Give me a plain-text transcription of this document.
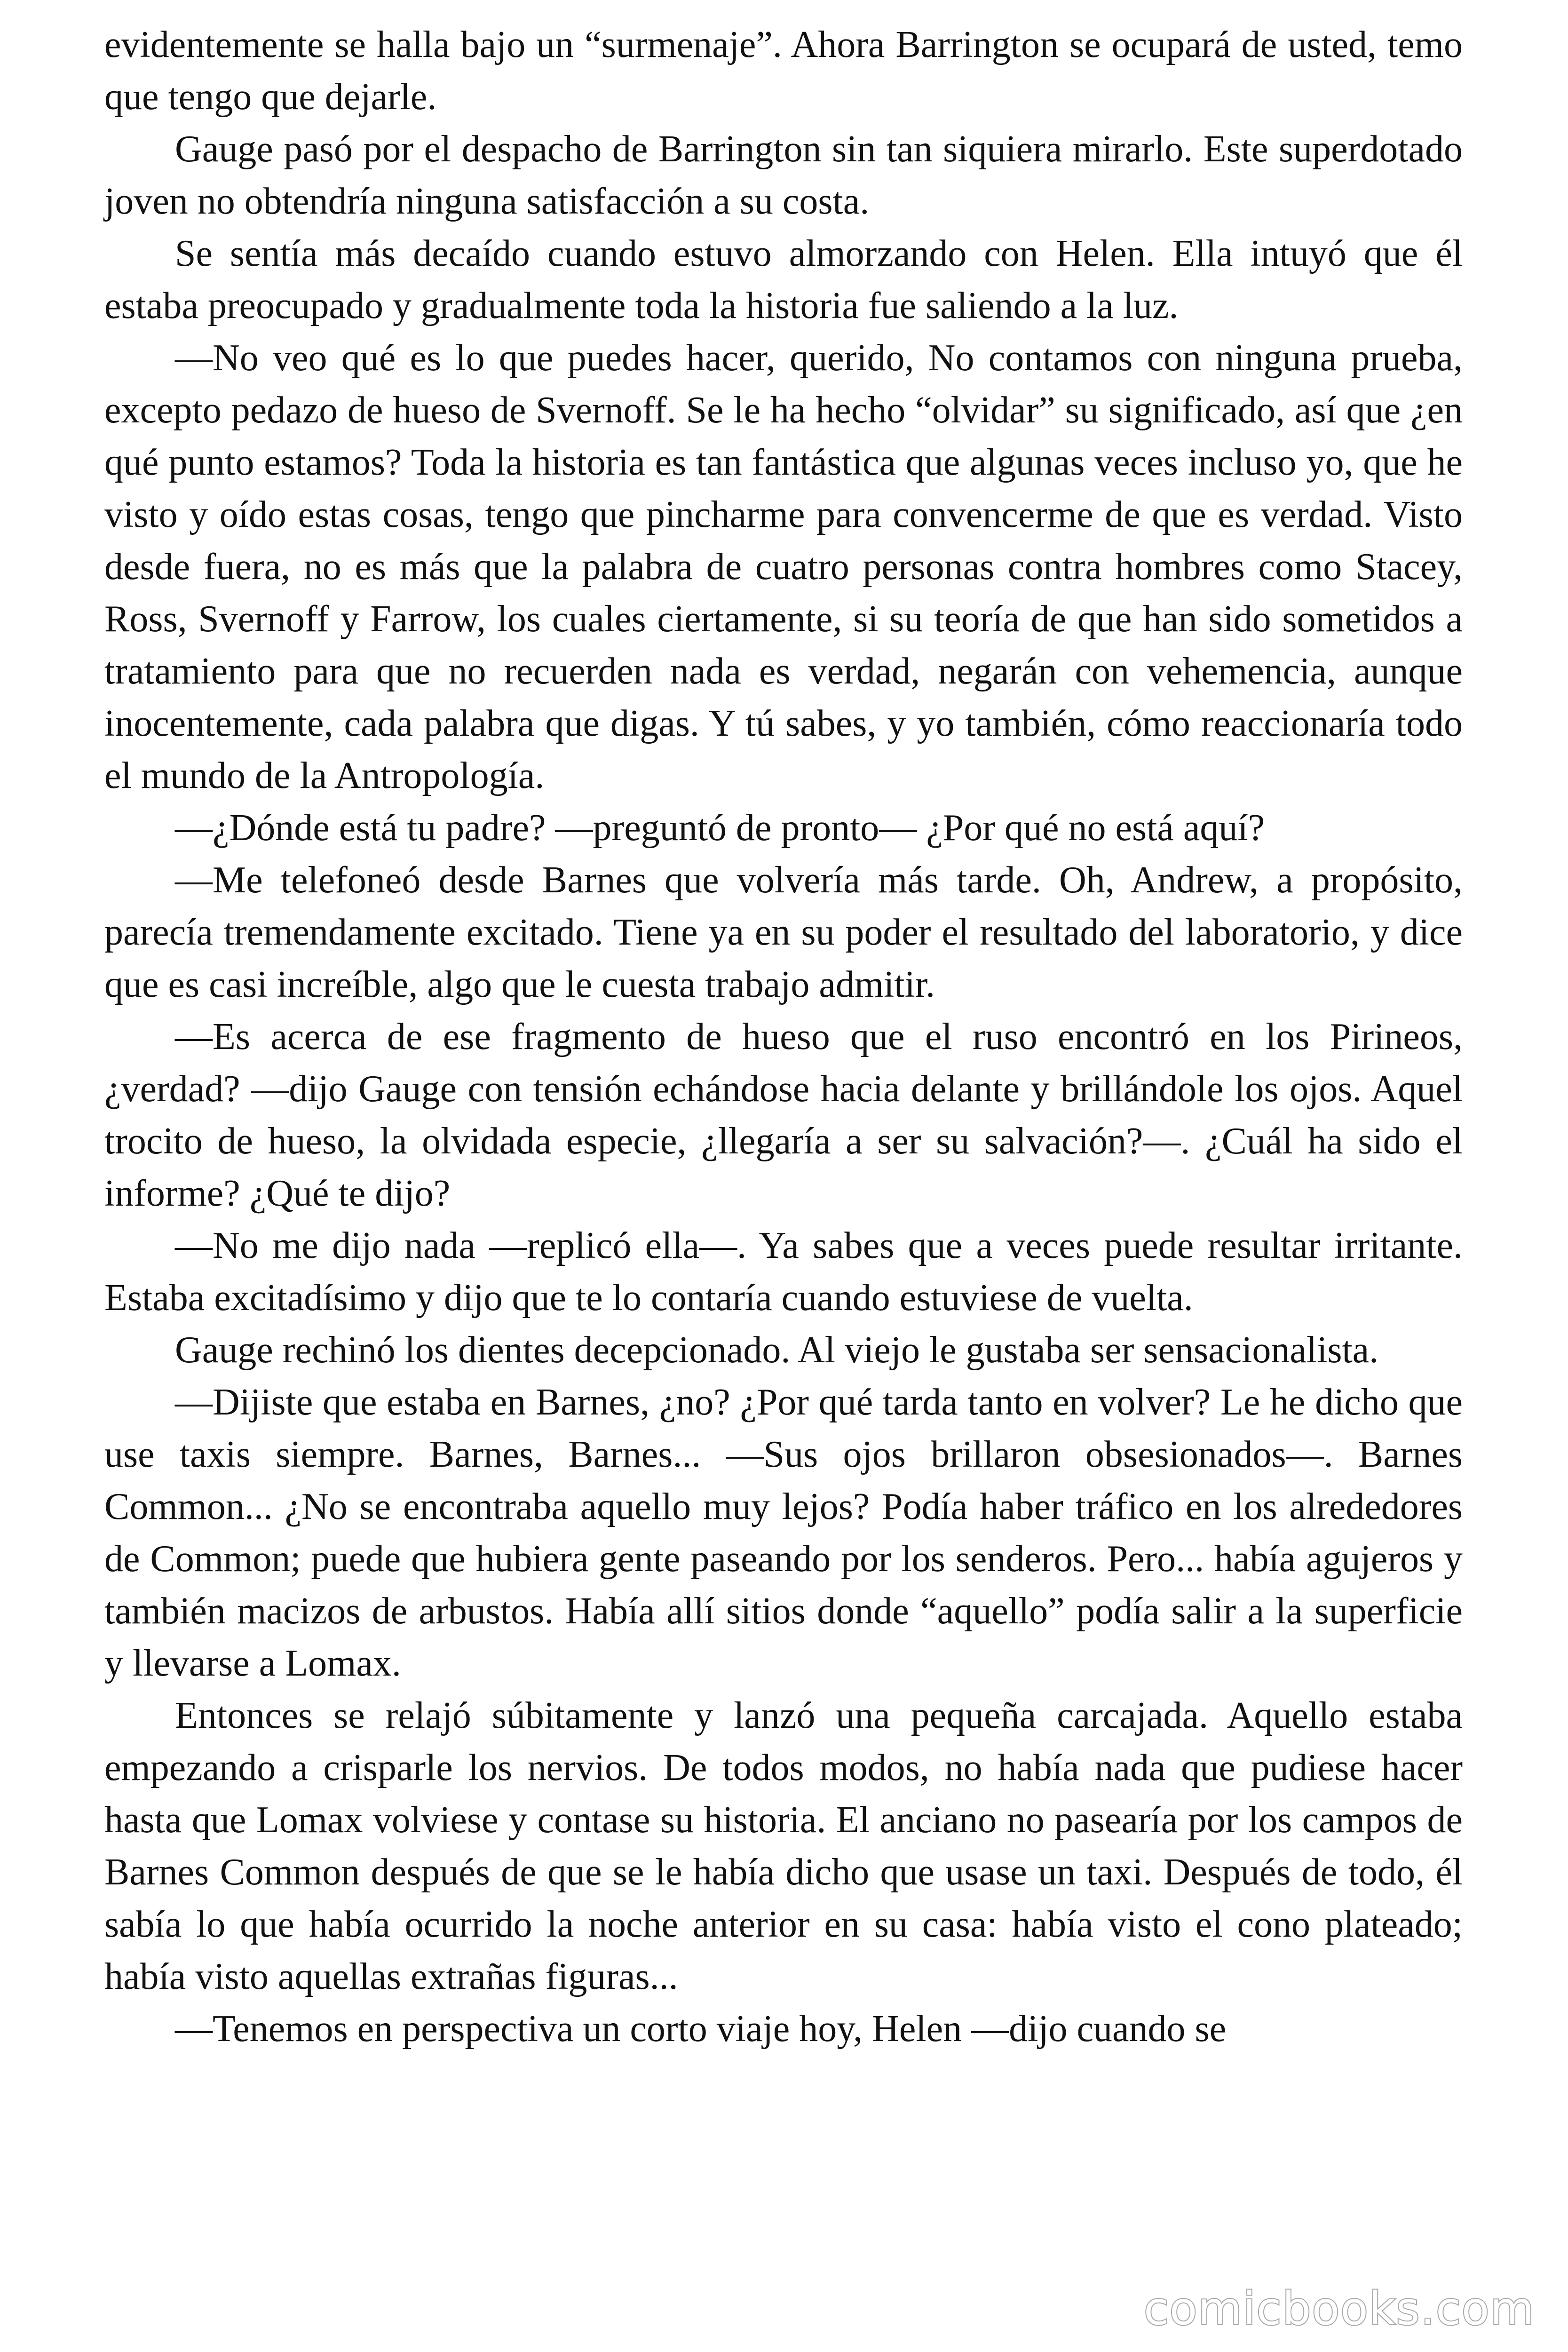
evidentemente se halla bajo un “surmenaje”. Ahora Barrington se ocupará de usted, temo que tengo que dejarle.

Gauge pasó por el despacho de Barrington sin tan siquiera mirarlo. Este superdotado joven no obtendría ninguna satisfacción a su costa.

Se sentía más decaído cuando estuvo almorzando con Helen. Ella intuyó que él estaba preocupado y gradualmente toda la historia fue saliendo a la luz.

—No veo qué es lo que puedes hacer, querido, No contamos con ninguna prueba, excepto pedazo de hueso de Svernoff. Se le ha hecho “olvidar” su significado, así que ¿en qué punto estamos? Toda la historia es tan fantástica que algunas veces incluso yo, que he visto y oído estas cosas, tengo que pincharme para convencerme de que es verdad. Visto desde fuera, no es más que la palabra de cuatro personas contra hombres como Stacey, Ross, Svernoff y Farrow, los cuales ciertamente, si su teoría de que han sido sometidos a tratamiento para que no recuerden nada es verdad, negarán con vehemencia, aunque inocentemente, cada palabra que digas. Y tú sabes, y yo también, cómo reaccionaría todo el mundo de la Antropología.

—¿Dónde está tu padre? —preguntó de pronto— ¿Por qué no está aquí?

—Me telefoneó desde Barnes que volvería más tarde. Oh, Andrew, a propósito, parecía tremendamente excitado. Tiene ya en su poder el resultado del laboratorio, y dice que es casi increíble, algo que le cuesta trabajo admitir.

—Es acerca de ese fragmento de hueso que el ruso encontró en los Pirineos, ¿verdad? —dijo Gauge con tensión echándose hacia delante y brillándole los ojos. Aquel trocito de hueso, la olvidada especie, ¿llegaría a ser su salvación?—. ¿Cuál ha sido el informe? ¿Qué te dijo?

—No me dijo nada —replicó ella—. Ya sabes que a veces puede resultar irritante. Estaba excitadísimo y dijo que te lo contaría cuando estuviese de vuelta.

Gauge rechinó los dientes decepcionado. Al viejo le gustaba ser sensacionalista.

—Dijiste que estaba en Barnes, ¿no? ¿Por qué tarda tanto en volver? Le he dicho que use taxis siempre. Barnes, Barnes... —Sus ojos brillaron obsesionados—. Barnes Common... ¿No se encontraba aquello muy lejos? Podía haber tráfico en los alrededores de Common; puede que hubiera gente paseando por los senderos. Pero... había agujeros y también macizos de arbustos. Había allí sitios donde “aquello” podía salir a la superficie y llevarse a Lomax.

Entonces se relajó súbitamente y lanzó una pequeña carcajada. Aquello estaba empezando a crisparle los nervios. De todos modos, no había nada que pudiese hacer hasta que Lomax volviese y contase su historia. El anciano no pasearía por los campos de Barnes Common después de que se le había dicho que usase un taxi. Después de todo, él sabía lo que había ocurrido la noche anterior en su casa: había visto el cono plateado; había visto aquellas extrañas figuras...

—Tenemos en perspectiva un corto viaje hoy, Helen —dijo cuando se

comicbooks.com
